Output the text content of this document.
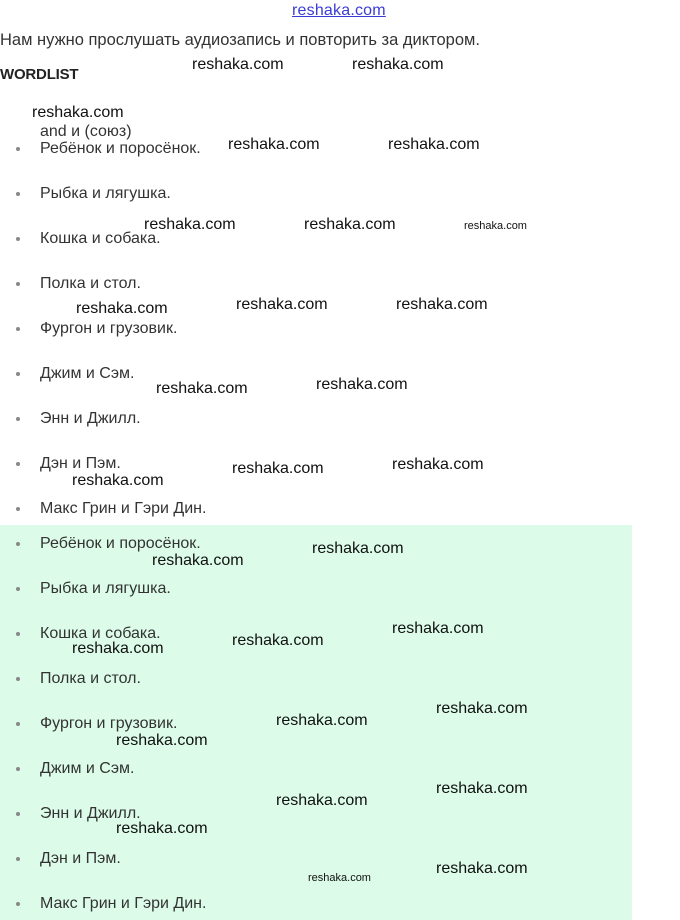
reshaka.com
Нам нужно прослушать аудиозапись и повторить за диктором.
WORDLIST
and и (союз)
Ребёнок и поросёнок.
Рыбка и лягушка.
Кошка и собака.
Полка и стол.
Фургон и грузовик.
Джим и Сэм.
Энн и Джилл.
Дэн и Пэм.
Макс Грин и Гэри Дин.
Ребёнок и поросёнок.
Рыбка и лягушка.
Кошка и собака.
Полка и стол.
Фургон и грузовик.
Джим и Сэм.
Энн и Джилл.
Дэн и Пэм.
Макс Грин и Гэри Дин.
reshaka.com	reshaka.com
reshaka.com
reshaka.com	reshaka.com
reshaka.com	reshaka.com	reshaka.com
reshaka.com	reshaka.com	reshaka.com
reshaka.com	reshaka.com
reshaka.com	reshaka.com
reshaka.com
reshaka.com
reshaka.com
reshaka.com
reshaka.com
reshaka.com
reshaka.com
reshaka.com
reshaka.com
reshaka.com
reshaka.com
reshaka.com
reshaka.com
reshaka.com
